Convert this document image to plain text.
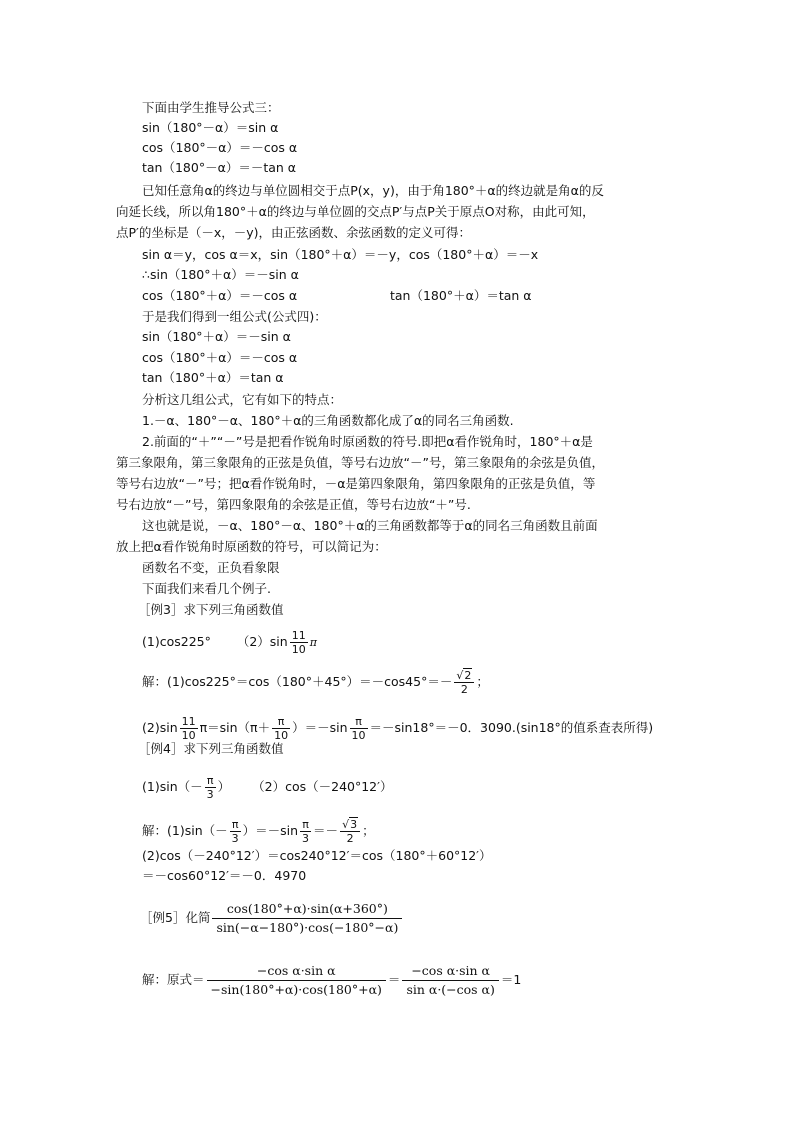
下面由学生推导公式三：
sin（180°－α）＝sin α
cos（180°－α）＝－cos α
tan（180°－α）＝－tan α
已知任意角α的终边与单位圆相交于点P(x，y)，由于角180°＋α的终边就是角α的反
向延长线，所以角180°＋α的终边与单位圆的交点P′与点P关于原点O对称，由此可知，
点P′的坐标是（－x，－y)，由正弦函数、余弦函数的定义可得：
sin α＝y，cos α＝x，sin（180°＋α）＝－y，cos（180°＋α）＝－x
∴sin（180°＋α）＝－sin α
cos（180°＋α）＝－cos α	tan（180°＋α）＝tan α
于是我们得到一组公式(公式四)：
sin（180°＋α）＝－sin α
cos（180°＋α）＝－cos α
tan（180°＋α）＝tan α
分析这几组公式，它有如下的特点：
1.－α、180°－α、180°＋α的三角函数都化成了α的同名三角函数.
2.前面的“＋”“－”号是把看作锐角时原函数的符号.即把α看作锐角时，180°＋α是
第三象限角，第三象限角的正弦是负值，等号右边放“－”号，第三象限角的余弦是负值，
等号右边放“－”号；把α看作锐角时，－α是第四象限角，第四象限角的正弦是负值，等
号右边放“－”号，第四象限角的余弦是正值，等号右边放“＋”号.
这也就是说，－α、180°－α、180°＋α的三角函数都等于α的同名三角函数且前面
放上把α看作锐角时原函数的符号，可以简记为：
函数名不变，正负看象限
下面我们来看几个例子.
［例3］求下列三角函数值
(1)cos225° $(2)\sin \frac{11}{10}$ π
解：$(1)\cos 225^\circ=\cos(180^\circ+45^\circ)=-\cos 45^\circ=- \frac{√2}{2}$ ；
$(2)\sin \frac{11}{10} \pi=\sin(\pi+ \frac{\pi}{10} )=-\sin \frac{\pi}{10} =-\sin 18^\circ=-0$．3090.(sin18°的值系查表所得)
［例4］求下列三角函数值
$(1)\sin(- \frac{\pi}{3}$ ） （2）cos（－240°12′）
解：$(1)\sin(- \frac{\pi}{3} )=-\sin \frac{\pi}{3} =- \frac{√3}{2}$ ；
(2)cos（－240°12′）＝cos240°12′＝cos（180°＋60°12′）
＝－cos60°12′＝－0．4970
［例5］化简 $\frac{\cos(180^\circ+\alpha)\cdot\sin(\alpha+360^\circ)}{\sin(-\alpha-180^\circ)\cdot\cos(-180^\circ-\alpha)}$
解：原式＝ $\frac{\text{−cos α·sin α}}{-\sin(180^\circ+\alpha)\cdot\cos(180^\circ+\alpha)} = \frac{\text{−cos α·sin α}}{\text{sin α·(−cos α)}} =1$
